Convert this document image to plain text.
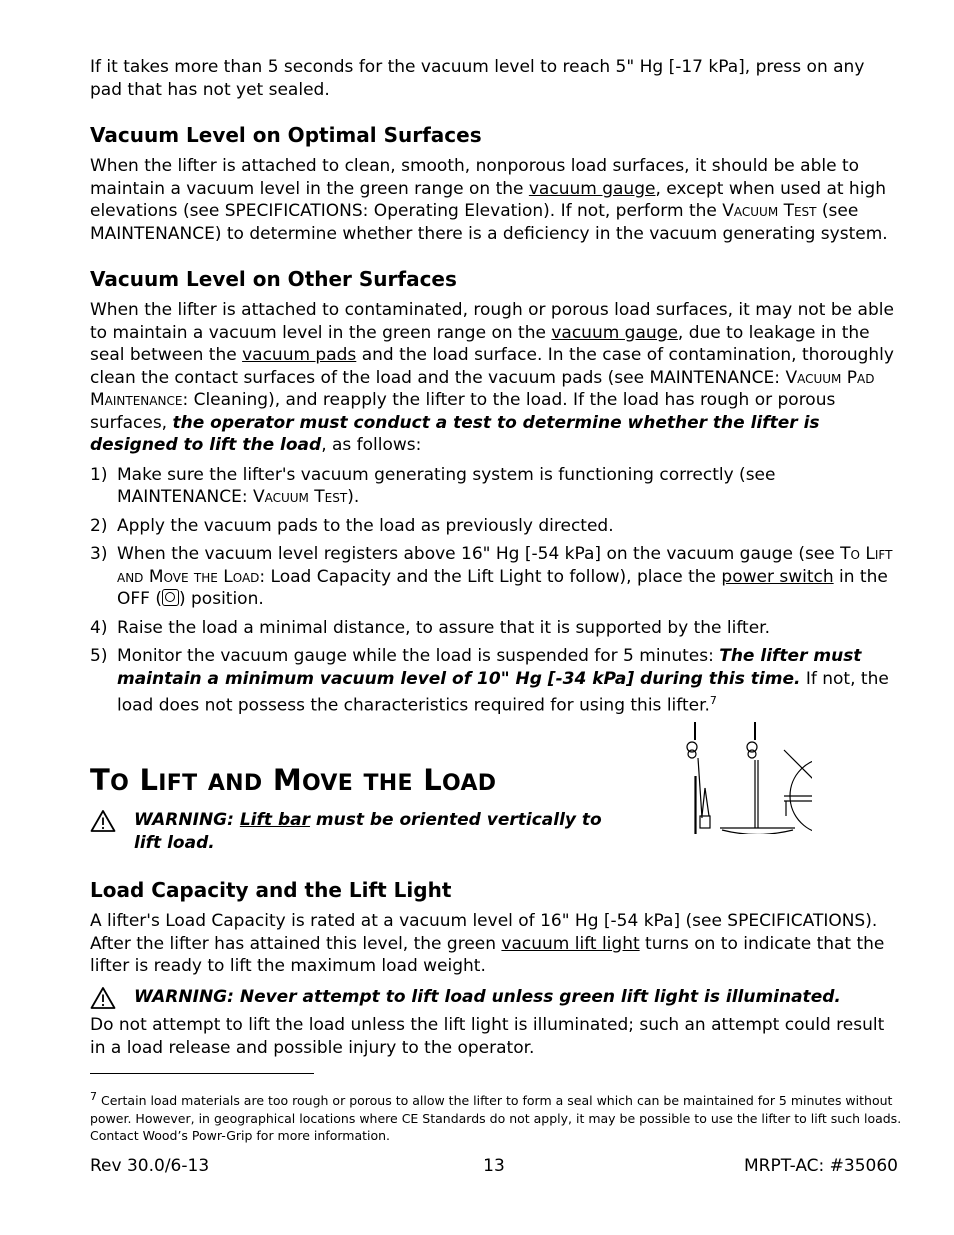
If it takes more than 5 seconds for the vacuum level to reach 5" Hg [-17 kPa], press on any pad that has not yet sealed.

Vacuum Level on Optimal Surfaces

When the lifter is attached to clean, smooth, nonporous load surfaces, it should be able to maintain a vacuum level in the green range on the vacuum gauge, except when used at high elevations (see SPECIFICATIONS: Operating Elevation). If not, perform the Vacuum Test (see MAINTENANCE) to determine whether there is a deficiency in the vacuum generating system.

Vacuum Level on Other Surfaces

When the lifter is attached to contaminated, rough or porous load surfaces, it may not be able to maintain a vacuum level in the green range on the vacuum gauge, due to leakage in the seal between the vacuum pads and the load surface. In the case of contamination, thoroughly clean the contact surfaces of the load and the vacuum pads (see MAINTENANCE: Vacuum Pad Maintenance: Cleaning), and reapply the lifter to the load. If the load has rough or porous surfaces, the operator must conduct a test to determine whether the lifter is designed to lift the load, as follows:

1) Make sure the lifter's vacuum generating system is functioning correctly (see MAINTENANCE: Vacuum Test).
2) Apply the vacuum pads to the load as previously directed.
3) When the vacuum level registers above 16" Hg [-54 kPa] on the vacuum gauge (see To Lift and Move the Load: Load Capacity and the Lift Light to follow), place the power switch in the OFF ( ) position.
4) Raise the load a minimal distance, to assure that it is supported by the lifter.
5) Monitor the vacuum gauge while the load is suspended for 5 minutes: The lifter must maintain a minimum vacuum level of 10" Hg [-34 kPa] during this time. If not, the load does not possess the characteristics required for using this lifter.$^7$
TO LIFT AND MOVE THE LOAD
WARNING: Lift bar must be oriented vertically to lift load.
Load Capacity and the Lift Light

A lifter's Load Capacity is rated at a vacuum level of 16" Hg [-54 kPa] (see SPECIFICATIONS). After the lifter has attained this level, the green vacuum lift light turns on to indicate that the lifter is ready to lift the maximum load weight.

WARNING: Never attempt to lift load unless green lift light is illuminated.

Do not attempt to lift the load unless the lift light is illuminated; such an attempt could result in a load release and possible injury to the operator.

$^7$ Certain load materials are too rough or porous to allow the lifter to form a seal which can be maintained for 5 minutes without power. However, in geographical locations where CE Standards do not apply, it may be possible to use the lifter to lift such loads. Contact Wood’s Powr-Grip for more information.
Rev 30.0/6-13	13	MRPT-AC: #35060
